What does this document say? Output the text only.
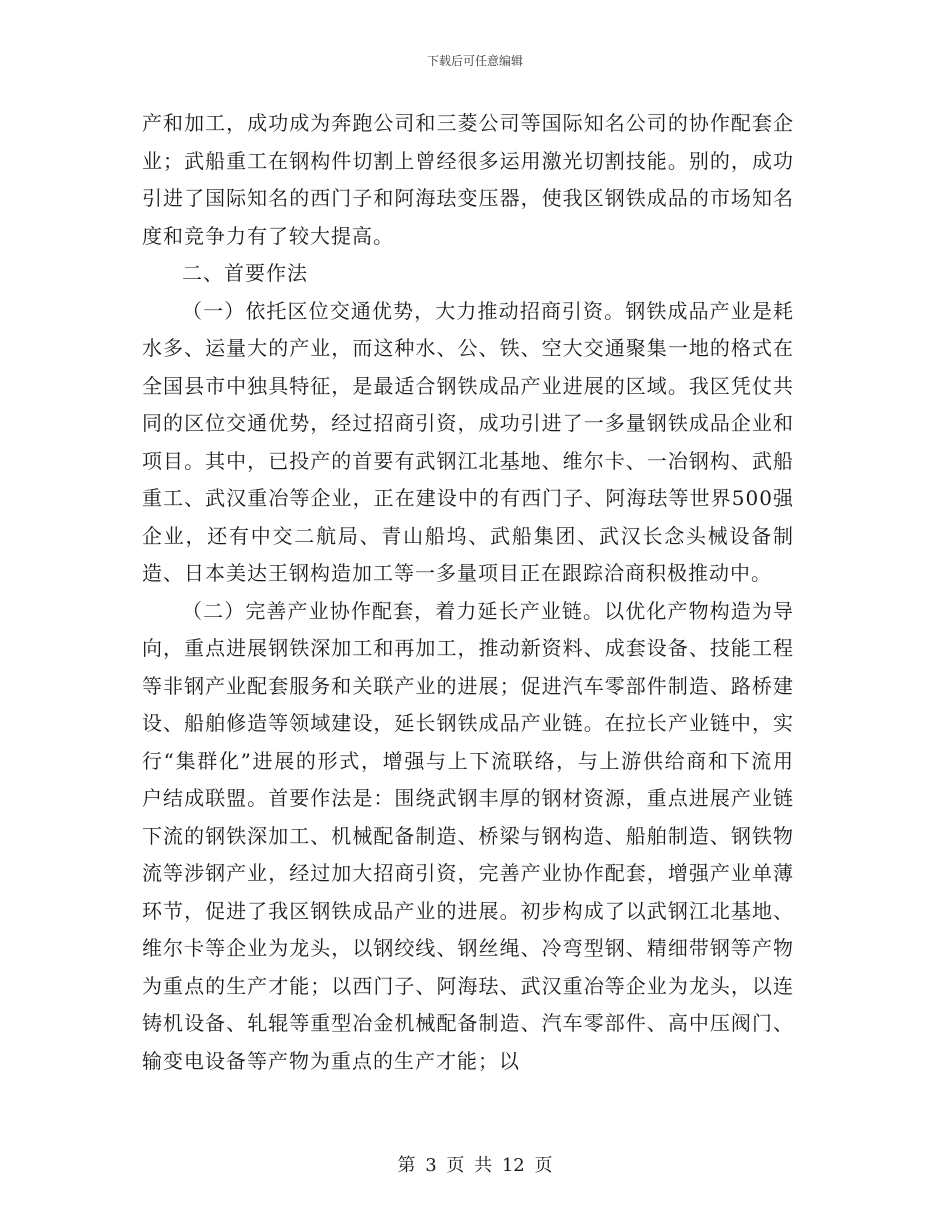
下载后可任意编辑

产和加工，成功成为奔跑公司和三菱公司等国际知名公司的协作配套企业；武船重工在钢构件切割上曾经很多运用激光切割技能。别的，成功引进了国际知名的西门子和阿海珐变压器，使我区钢铁成品的市场知名度和竞争力有了较大提高。

二、首要作法

（一）依托区位交通优势，大力推动招商引资。钢铁成品产业是耗水多、运量大的产业，而这种水、公、铁、空大交通聚集一地的格式在全国县市中独具特征，是最适合钢铁成品产业进展的区域。我区凭仗共同的区位交通优势，经过招商引资，成功引进了一多量钢铁成品企业和项目。其中，已投产的首要有武钢江北基地、维尔卡、一冶钢构、武船重工、武汉重冶等企业，正在建设中的有西门子、阿海珐等世界500强企业，还有中交二航局、青山船坞、武船集团、武汉长念头械设备制造、日本美达王钢构造加工等一多量项目正在跟踪洽商积极推动中。

（二）完善产业协作配套，着力延长产业链。以优化产物构造为导向，重点进展钢铁深加工和再加工，推动新资料、成套设备、技能工程等非钢产业配套服务和关联产业的进展；促进汽车零部件制造、路桥建设、船舶修造等领域建设，延长钢铁成品产业链。在拉长产业链中，实行“集群化”进展的形式，增强与上下流联络，与上游供给商和下流用户结成联盟。首要作法是：围绕武钢丰厚的钢材资源，重点进展产业链下流的钢铁深加工、机械配备制造、桥梁与钢构造、船舶制造、钢铁物流等涉钢产业，经过加大招商引资，完善产业协作配套，增强产业单薄环节，促进了我区钢铁成品产业的进展。初步构成了以武钢江北基地、维尔卡等企业为龙头，以钢绞线、钢丝绳、冷弯型钢、精细带钢等产物为重点的生产才能；以西门子、阿海珐、武汉重冶等企业为龙头，以连铸机设备、轧辊等重型冶金机械配备制造、汽车零部件、高中压阀门、输变电设备等产物为重点的生产才能；以

第 3 页 共 12 页
